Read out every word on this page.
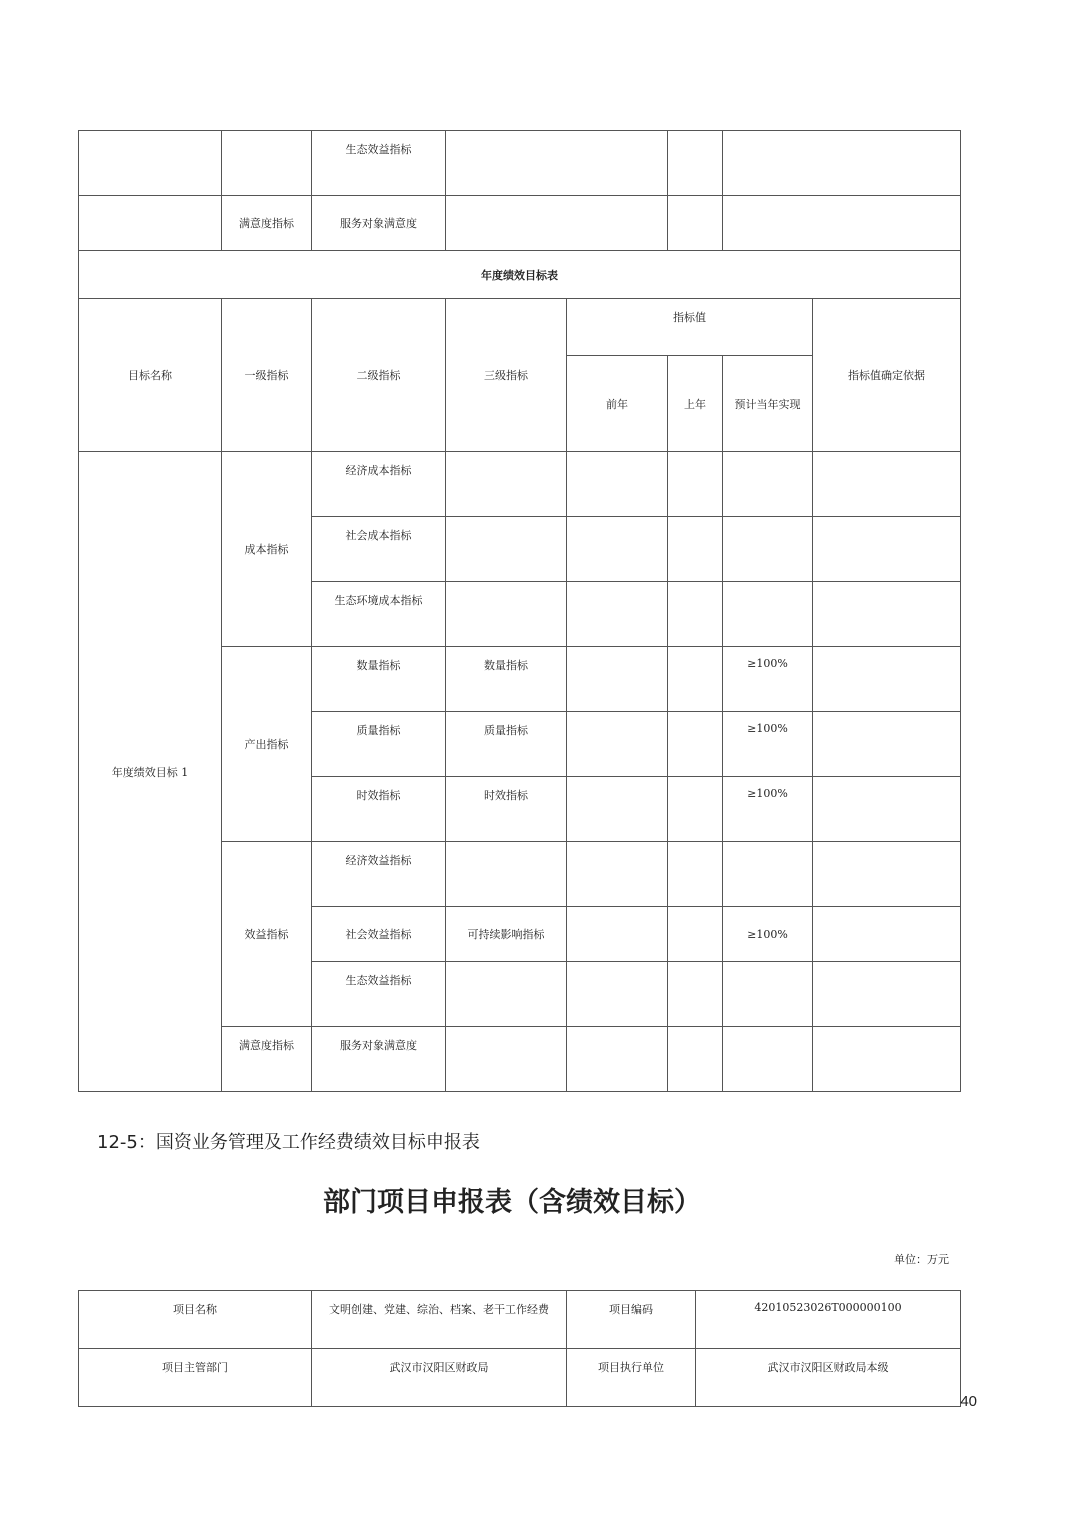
		生态效益指标					
	满意度指标	服务对象满意度					
年度绩效目标表							
目标名称	一级指标	二级指标	三级指标	指标值			指标值确定依据
				前年	上年	预计当年实现	
年度绩效目标 1	成本指标	经济成本指标					
		社会成本指标					
		生态环境成本指标					
	产出指标	数量指标	数量指标			≥100%	
		质量指标	质量指标			≥100%	
		时效指标	时效指标			≥100%	
	效益指标	经济效益指标					
		社会效益指标	可持续影响指标			≥100%	
		生态效益指标					
	满意度指标	服务对象满意度					
12-5：国资业务管理及工作经费绩效目标申报表
部门项目申报表（含绩效目标）
单位：万元
项目名称	文明创建、党建、综治、档案、老干工作经费	项目编码	42010523026T000000100
项目主管部门	武汉市汉阳区财政局	项目执行单位	武汉市汉阳区财政局本级
40
